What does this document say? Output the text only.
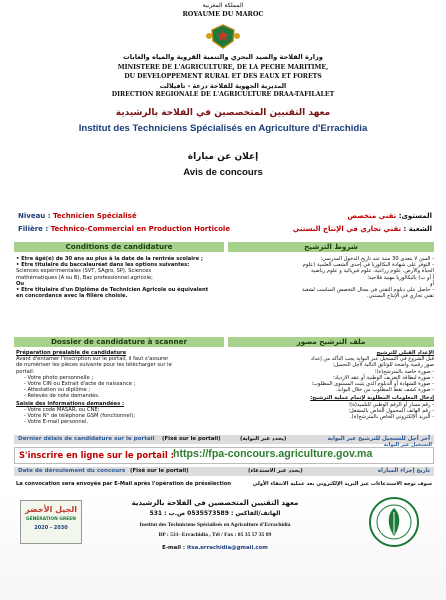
المملكة المغربية
ROYAUME DU MAROC
وزارة الفلاحة والصيد البحري والتنمية القروية والمياه والغابات
MINISTERE DE L'AGRICULTURE, DE LA PECHE MARITIME,
DU DEVELOPPEMENT RURAL ET DES EAUX ET FORETS
المديرية الجهوية للفلاحة درعة - تافيلالت
DIRECTION REGIONALE DE L'AGRICULTURE DRAA-TAFILALET
معهد التقنيين المتخصصين في الفلاحة بالرشيدية
Institut des Techniciens Spécialisés en Agriculture d'Errachidia
إعلان عن مباراة
Avis de concours
Niveau : Technicien Spécialisé	المستوى: تقني متخصص
Filière : Technico-Commercial en Production Horticole	الشعبة : تقني تجاري في الإنتاج البستني
Conditions de candidature	شروط الترشيح
• Etre âgé(e) de 30 ans au plus à la date de la rentrée scolaire ;
• Etre titulaire du baccalauréat dans les options suivantes:
Sciences expérimentales (SVT, SAgro, SP), Sciences
mathématiques (A ou B), Bac professionnel agricole;
Ou
• Etre titulaire d'un Diplôme de Technicien Agricole ou équivalent
en concordance avec la filière choisie.
- السن لا يتعدى 30 سنة عند تاريخ الدخول المدرسي؛
- التوفر على شهادة البكالوريا في إحدى الشعب العلمية (علوم
الحياة والأرض، علوم زراعية، علوم فيزيائية و علوم رياضية
أ أو ب) بالبكالوريا مهنية فلاحية؛
أو
- حاصل على دبلوم التقني في مجال التخصص المناسب لشعبة
تقني تجاري في الإنتاج البستني.
Dossier de candidature à scanner	ملف الترشيح مصور
Préparation préalable de candidature
Avant d'entamer l'inscription sur le portail, il faut s'assurer
de numériser les pièces suivante pour les télécharger sur le
portail:
- Votre photo personnelle ;
- Votre CIN ou Extrait d'acte de naissance ;
- Attestation ou diplôme ;
- Relevés de note demandés.
Saisie des informations demandées :
- Votre code MASAR, ou CNE;
- Votre N° de téléphone GSM (fonctionnel);
- Votre E-mail personnel.
الإعداد القبلي للترشيح
قبل الشروع في التسجيل عبر البوابة يجب التأكد من إعداد
صور رقمية واضحة للوثائق التالية لأجل التحميل:
- صورة خاصة بالمترشح(ة)؛
- صورة لبطاقة التعريف الوطنية أو عقد الازدياد؛
- صورة للشهادة أو الدبلوم الذي يثبت المستوى المطلوب؛
- صورة كشف نقط المطلوب من خلال البوابة.
إدخال المعلومات المطلوبة لإتمام عملية الترشيح:
- رقم مسار أو الرقم الوطني للتلميذ(ة)؛
- رقم الهاتف المحمول الخاص بالمشغل؛
- البريد الإلكتروني الخاص بالمترشح(ة).
Dernier délais de candidature sur le portail (Fixé sur le portail)	(يحدد عبر البوابة)	آخر أجل للتسجيل للترشيح عبر البوابة
S'inscrire en ligne sur le portail : https://fpa-concours.agriculture.gov.ma
التسجيل عبر البوابة
Date de déroulement du concours (Fixé sur le portail)	(يحدد عبر الاستدعاء)	تاريخ إجراء المباراة
La convocation sera envoyée par E-Mail après l'opération de présélection	سوف توجه الاستدعاءات عبر البريد الإلكتروني بعد عملية الانتقاء الأولي
الجيل الأخضر
GÉNÉRATION GREEN
2020 - 2030
معهد التقنيين المتخصصين في الفلاحة بالرشيدية
الهاتف/الفاكس : 0535573589 ص.ب : 531
Institut des Techniciens Spécialisés en Agriculture d'Errachidia
BP : 531- Errachidia , Tél / Fax : 05 35 57 35 89
E-mail : itsa.errachidia@gmail.com
